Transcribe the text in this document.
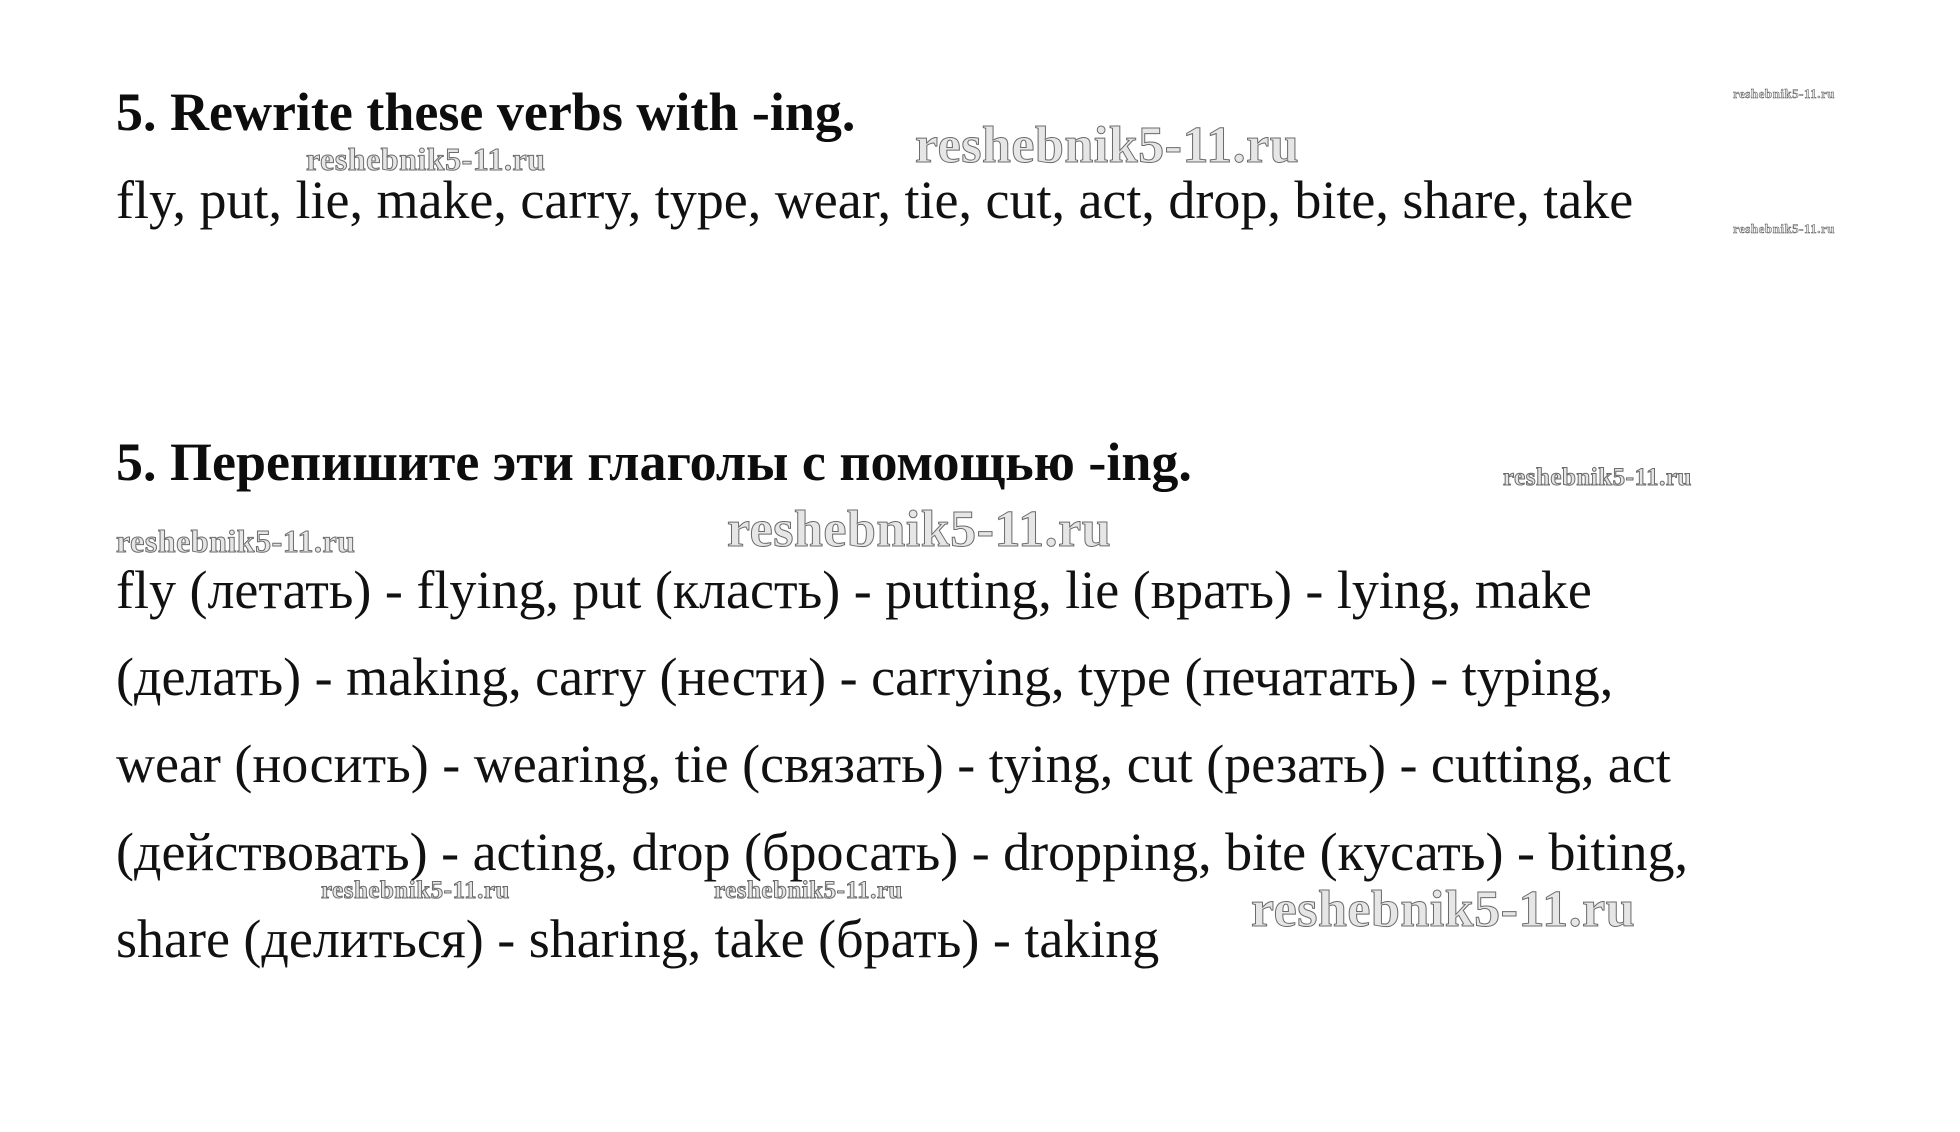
5. Rewrite these verbs with -ing.

fly, put, lie, make, carry, type, wear, tie, cut, act, drop, bite, share, take

5. Перепишите эти глаголы с помощью -ing.

fly (летать) - flying, put (класть) - putting, lie (врать) - lying, make

(делать) - making, carry (нести) - carrying, type (печатать) - typing,

wear (носить) - wearing, tie (связать) - tying, cut (резать) - cutting, act

(действовать) - acting, drop (бросать) - dropping, bite (кусать) - biting,

share (делиться) - sharing, take (брать) - taking

reshebnik5-11.ru
reshebnik5-11.ru	reshebnik5-11.ru
reshebnik5-11.ru
reshebnik5-11.ru
reshebnik5-11.ru
reshebnik5-11.ru
reshebnik5-11.ru	reshebnik5-11.ru	reshebnik5-11.ru
